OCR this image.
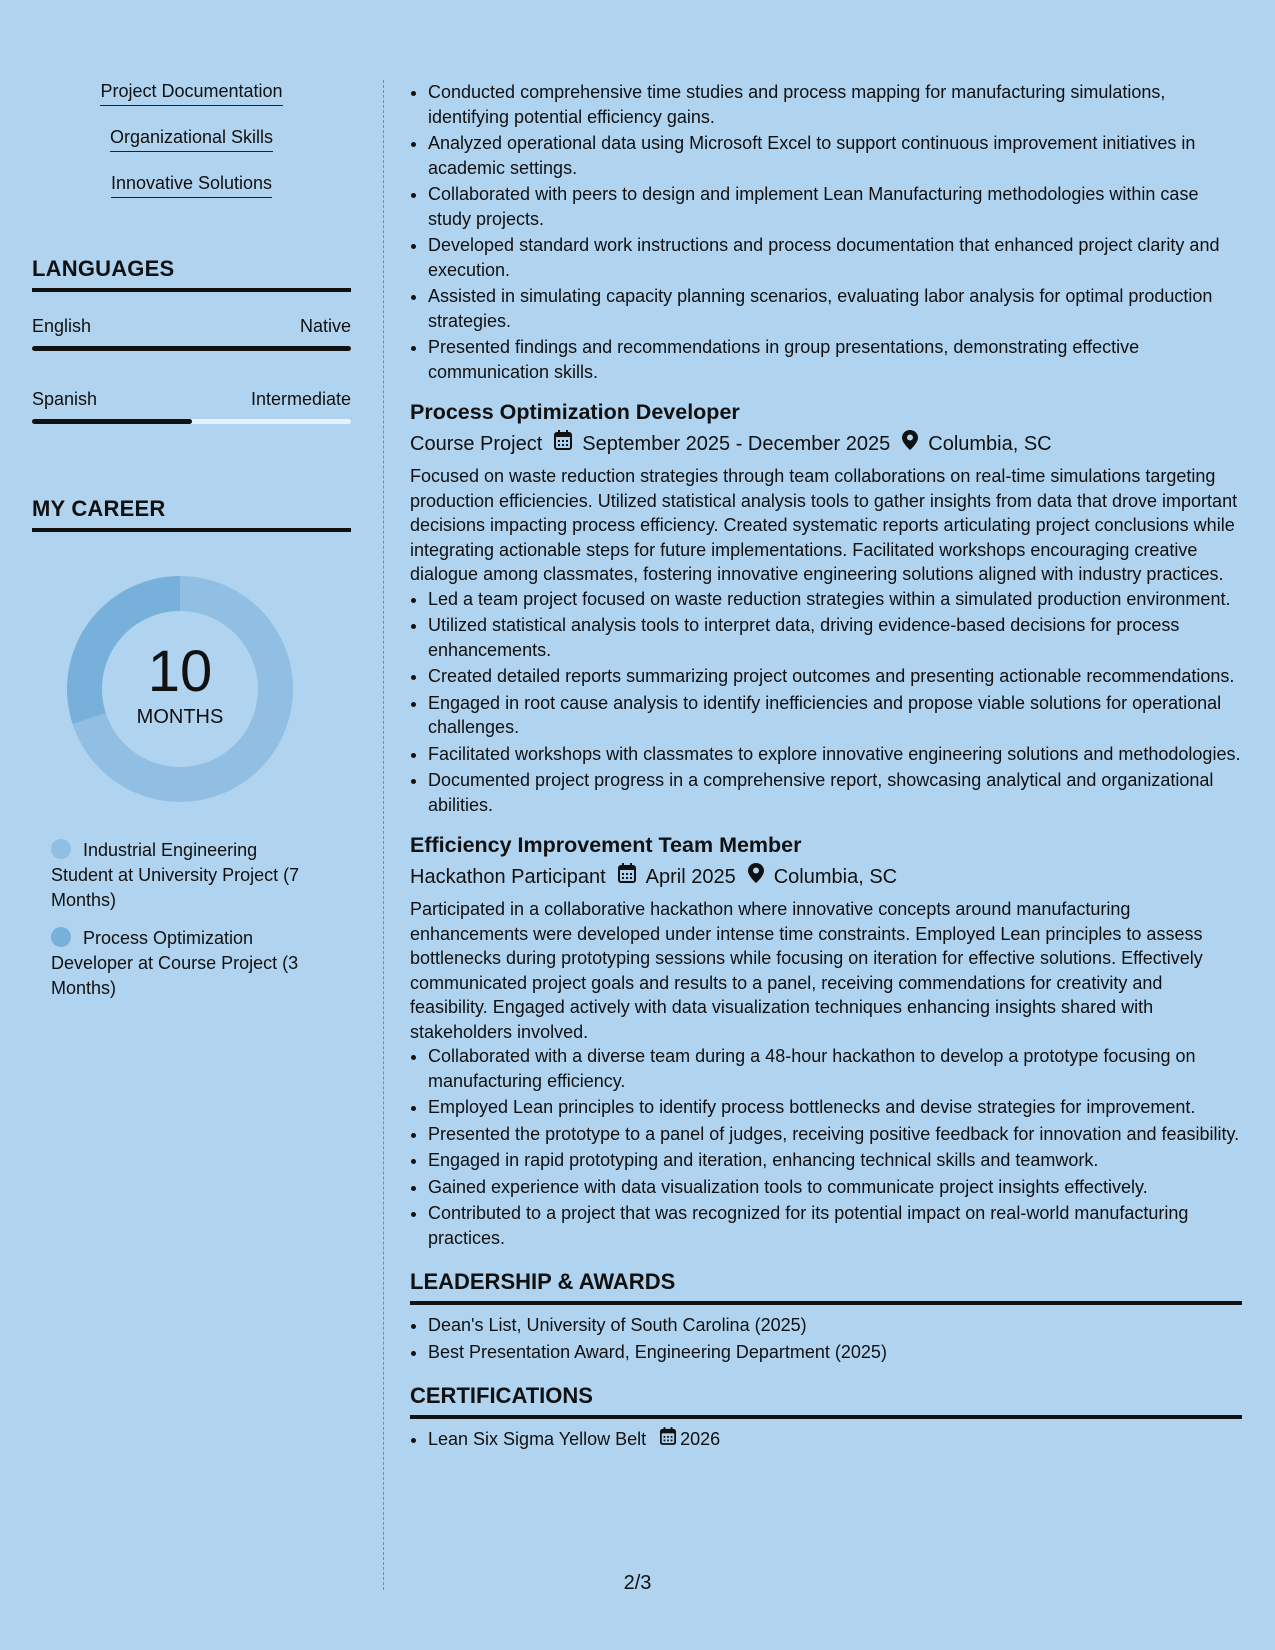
Project Documentation
Organizational Skills
Innovative Solutions
LANGUAGES
English	Native
Spanish	Intermediate
MY CAREER
10
MONTHS
Industrial Engineering Student at University Project (7 Months)
Process Optimization Developer at Course Project (3 Months)
• Conducted comprehensive time studies and process mapping for manufacturing simulations, identifying potential efficiency gains.
• Analyzed operational data using Microsoft Excel to support continuous improvement initiatives in academic settings.
• Collaborated with peers to design and implement Lean Manufacturing methodologies within case study projects.
• Developed standard work instructions and process documentation that enhanced project clarity and execution.
• Assisted in simulating capacity planning scenarios, evaluating labor analysis for optimal production strategies.
• Presented findings and recommendations in group presentations, demonstrating effective communication skills.
Process Optimization Developer
Course Project September 2025 - December 2025 Columbia, SC
Focused on waste reduction strategies through team collaborations on real-time simulations targeting production efficiencies. Utilized statistical analysis tools to gather insights from data that drove important decisions impacting process efficiency. Created systematic reports articulating project conclusions while integrating actionable steps for future implementations. Facilitated workshops encouraging creative dialogue among classmates, fostering innovative engineering solutions aligned with industry practices.
• Led a team project focused on waste reduction strategies within a simulated production environment.
• Utilized statistical analysis tools to interpret data, driving evidence-based decisions for process enhancements.
• Created detailed reports summarizing project outcomes and presenting actionable recommendations.
• Engaged in root cause analysis to identify inefficiencies and propose viable solutions for operational challenges.
• Facilitated workshops with classmates to explore innovative engineering solutions and methodologies.
• Documented project progress in a comprehensive report, showcasing analytical and organizational abilities.
Efficiency Improvement Team Member
Hackathon Participant April 2025 Columbia, SC
Participated in a collaborative hackathon where innovative concepts around manufacturing enhancements were developed under intense time constraints. Employed Lean principles to assess bottlenecks during prototyping sessions while focusing on iteration for effective solutions. Effectively communicated project goals and results to a panel, receiving commendations for creativity and feasibility. Engaged actively with data visualization techniques enhancing insights shared with stakeholders involved.
• Collaborated with a diverse team during a 48-hour hackathon to develop a prototype focusing on manufacturing efficiency.
• Employed Lean principles to identify process bottlenecks and devise strategies for improvement.
• Presented the prototype to a panel of judges, receiving positive feedback for innovation and feasibility.
• Engaged in rapid prototyping and iteration, enhancing technical skills and teamwork.
• Gained experience with data visualization tools to communicate project insights effectively.
• Contributed to a project that was recognized for its potential impact on real-world manufacturing practices.
LEADERSHIP & AWARDS
• Dean's List, University of South Carolina (2025)
• Best Presentation Award, Engineering Department (2025)
CERTIFICATIONS
• Lean Six Sigma Yellow Belt 2026
2/3
